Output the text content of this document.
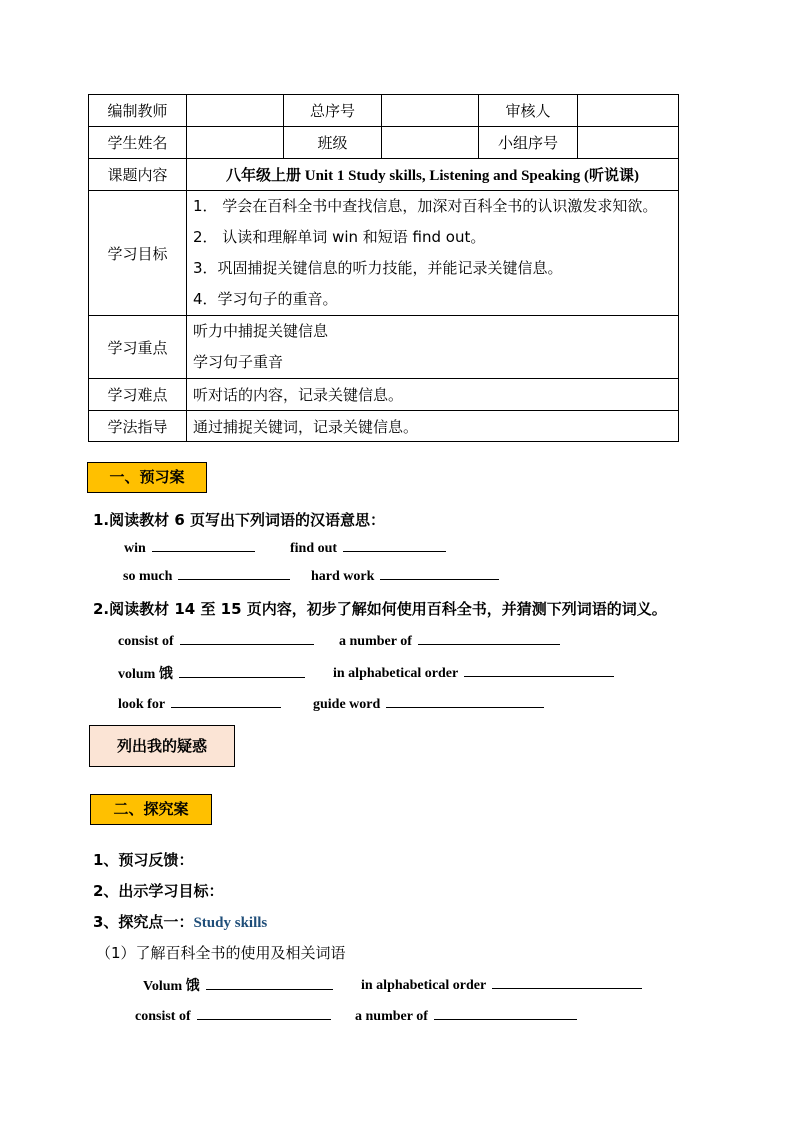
编制教师		总序号		审核人	
学生姓名		班级		小组序号	
课题内容	八年级上册 Unit 1 Study skills, Listening and Speaking (听说课)				
学习目标	1． 学会在百科全书中查找信息，加深对百科全书的认识激发求知欲。
2． 认读和理解单词 win 和短语 find out。
3．巩固捕捉关键信息的听力技能，并能记录关键信息。
4．学习句子的重音。				

学习重点	听力中捕捉关键信息
学习句子重音				

学习难点	听对话的内容，记录关键信息。				
学法指导	通过捕捉关键词，记录关键信息。				
一、预习案
1.阅读教材 6 页写出下列词语的汉语意思：
win	find out
so much	hard work
2.阅读教材 14 至 15 页内容，初步了解如何使用百科全书，并猜测下列词语的词义。
consist of	a number of
volum 饿	in alphabetical order
look for	guide word
列出我的疑惑
二、探究案
1、预习反馈：
2、出示学习目标：
3、探究点一：Study skills
（1）了解百科全书的使用及相关词语
Volum 饿	in alphabetical order
consist of	a number of
